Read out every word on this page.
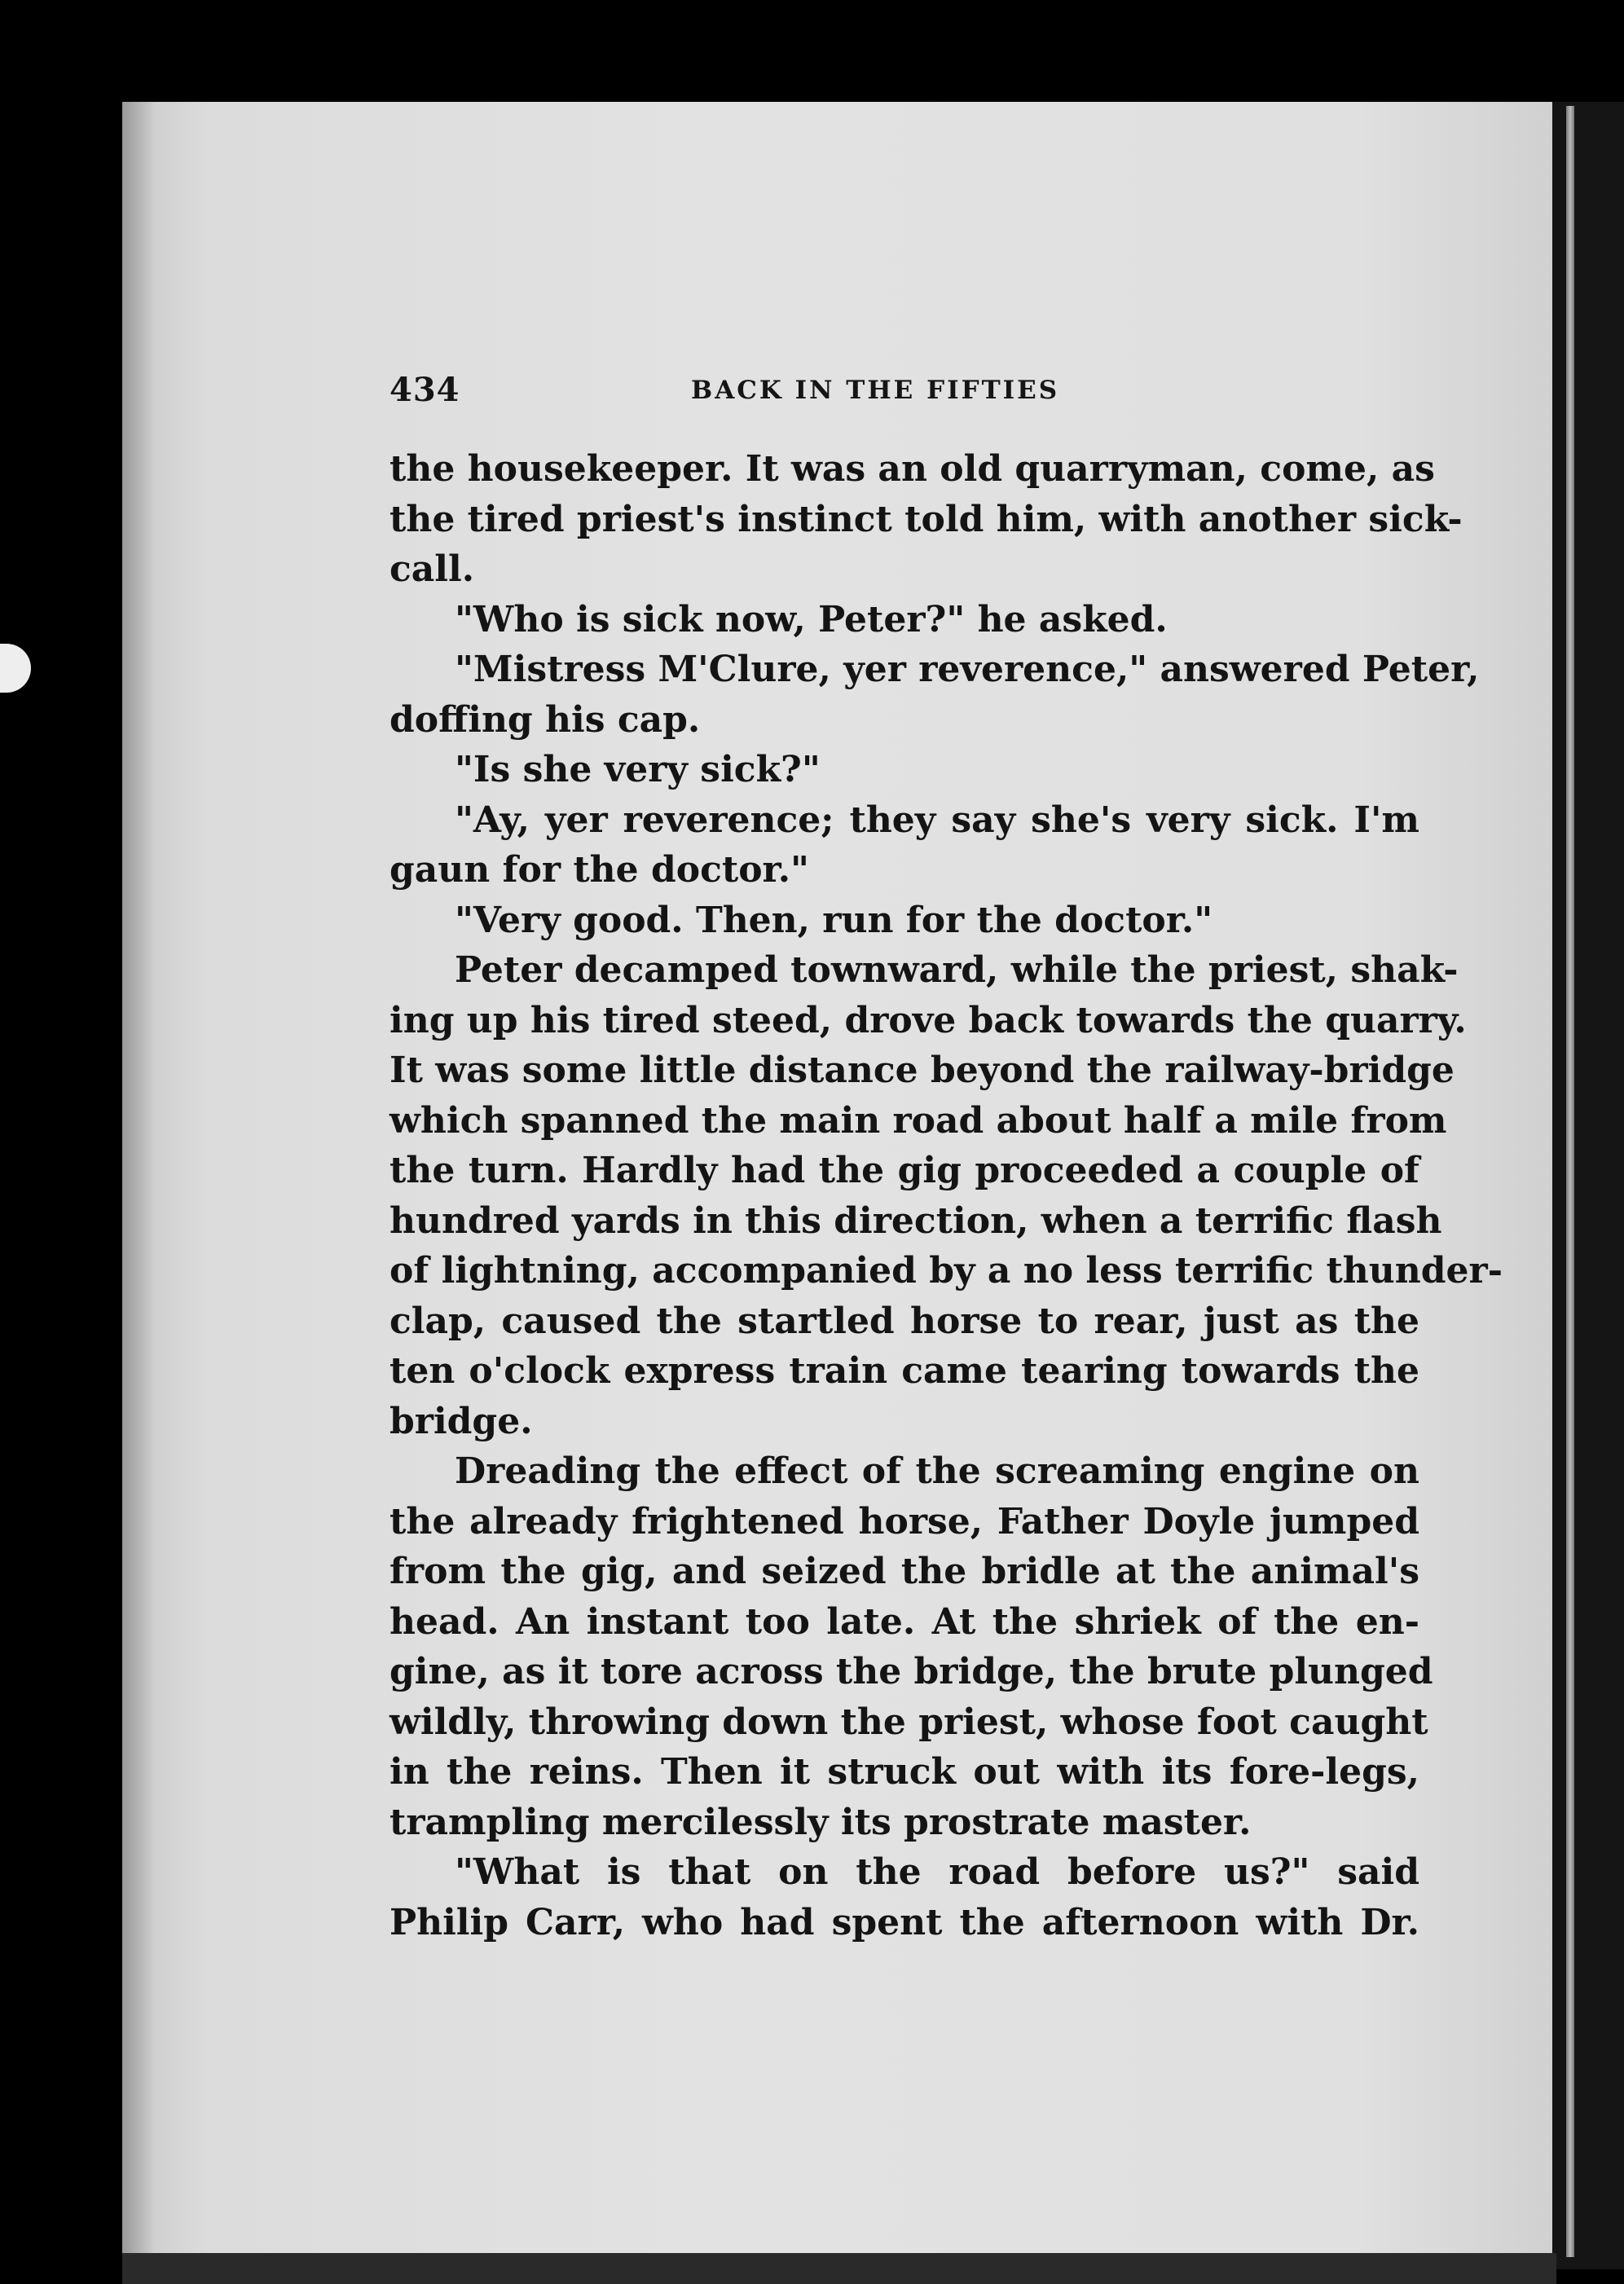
434	BACK IN THE FIFTIES
the housekeeper. It was an old quarryman, come, as
the tired priest's instinct told him, with another sick-
call.
"Who is sick now, Peter?" he asked.
"Mistress M'Clure, yer reverence," answered Peter,
doffing his cap.
"Is she very sick?"
"Ay, yer reverence; they say she's very sick. I'm
gaun for the doctor."
"Very good. Then, run for the doctor."
Peter decamped townward, while the priest, shak-
ing up his tired steed, drove back towards the quarry.
It was some little distance beyond the railway-bridge
which spanned the main road about half a mile from
the turn. Hardly had the gig proceeded a couple of
hundred yards in this direction, when a terrific flash
of lightning, accompanied by a no less terrific thunder-
clap, caused the startled horse to rear, just as the
ten o'clock express train came tearing towards the
bridge.
Dreading the effect of the screaming engine on
the already frightened horse, Father Doyle jumped
from the gig, and seized the bridle at the animal's
head. An instant too late. At the shriek of the en-
gine, as it tore across the bridge, the brute plunged
wildly, throwing down the priest, whose foot caught
in the reins. Then it struck out with its fore-legs,
trampling mercilessly its prostrate master.
"What is that on the road before us?" said
Philip Carr, who had spent the afternoon with Dr.
